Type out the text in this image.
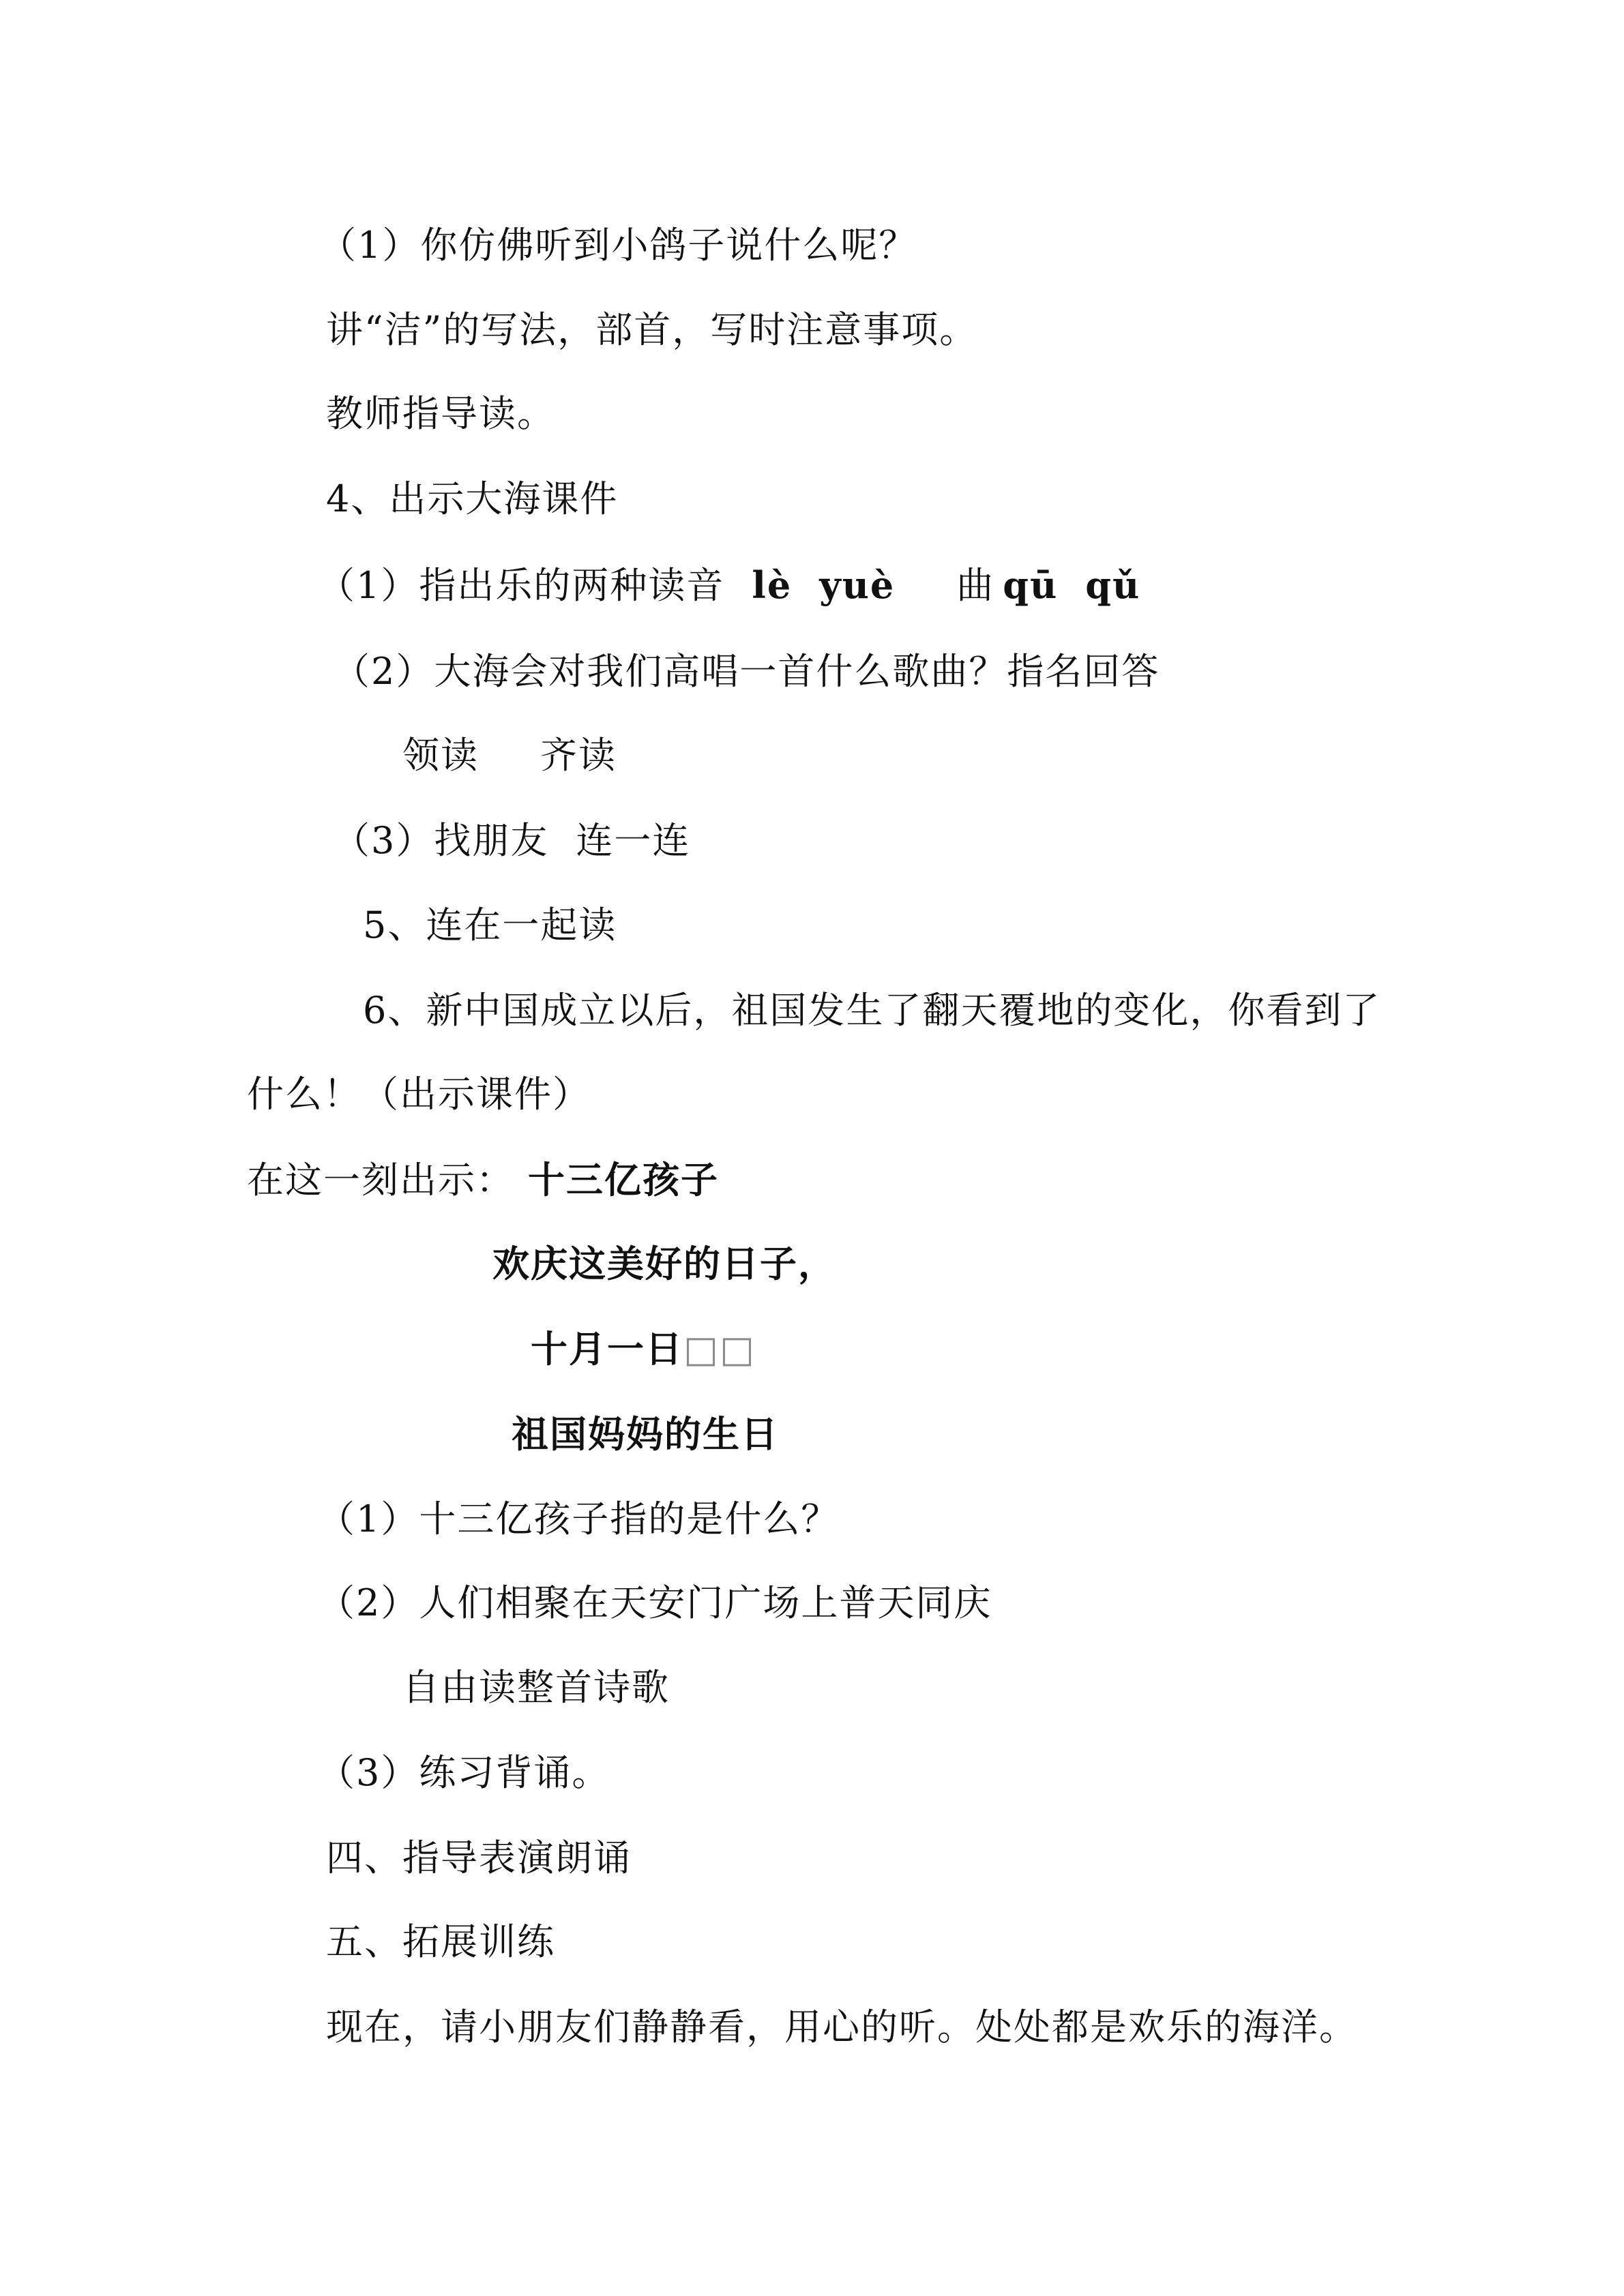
（1）你仿佛听到小鸽子说什么呢？
讲“洁”的写法，部首，写时注意事项。
教师指导读。
4、出示大海课件
（1）指出乐的两种读音 lè yuè 曲 qū qǔ
（2）大海会对我们高唱一首什么歌曲？指名回答
领读 齐读
（3）找朋友 连一连
5、连在一起读
6、新中国成立以后，祖国发生了翻天覆地的变化，你看到了
什么！（出示课件）
在这一刻出示： 十三亿孩子
欢庆这美好的日子，
十月一日□□
祖国妈妈的生日
（1）十三亿孩子指的是什么？
（2）人们相聚在天安门广场上普天同庆
自由读整首诗歌
（3）练习背诵。
四、指导表演朗诵
五、拓展训练
现在，请小朋友们静静看，用心的听。处处都是欢乐的海洋。
